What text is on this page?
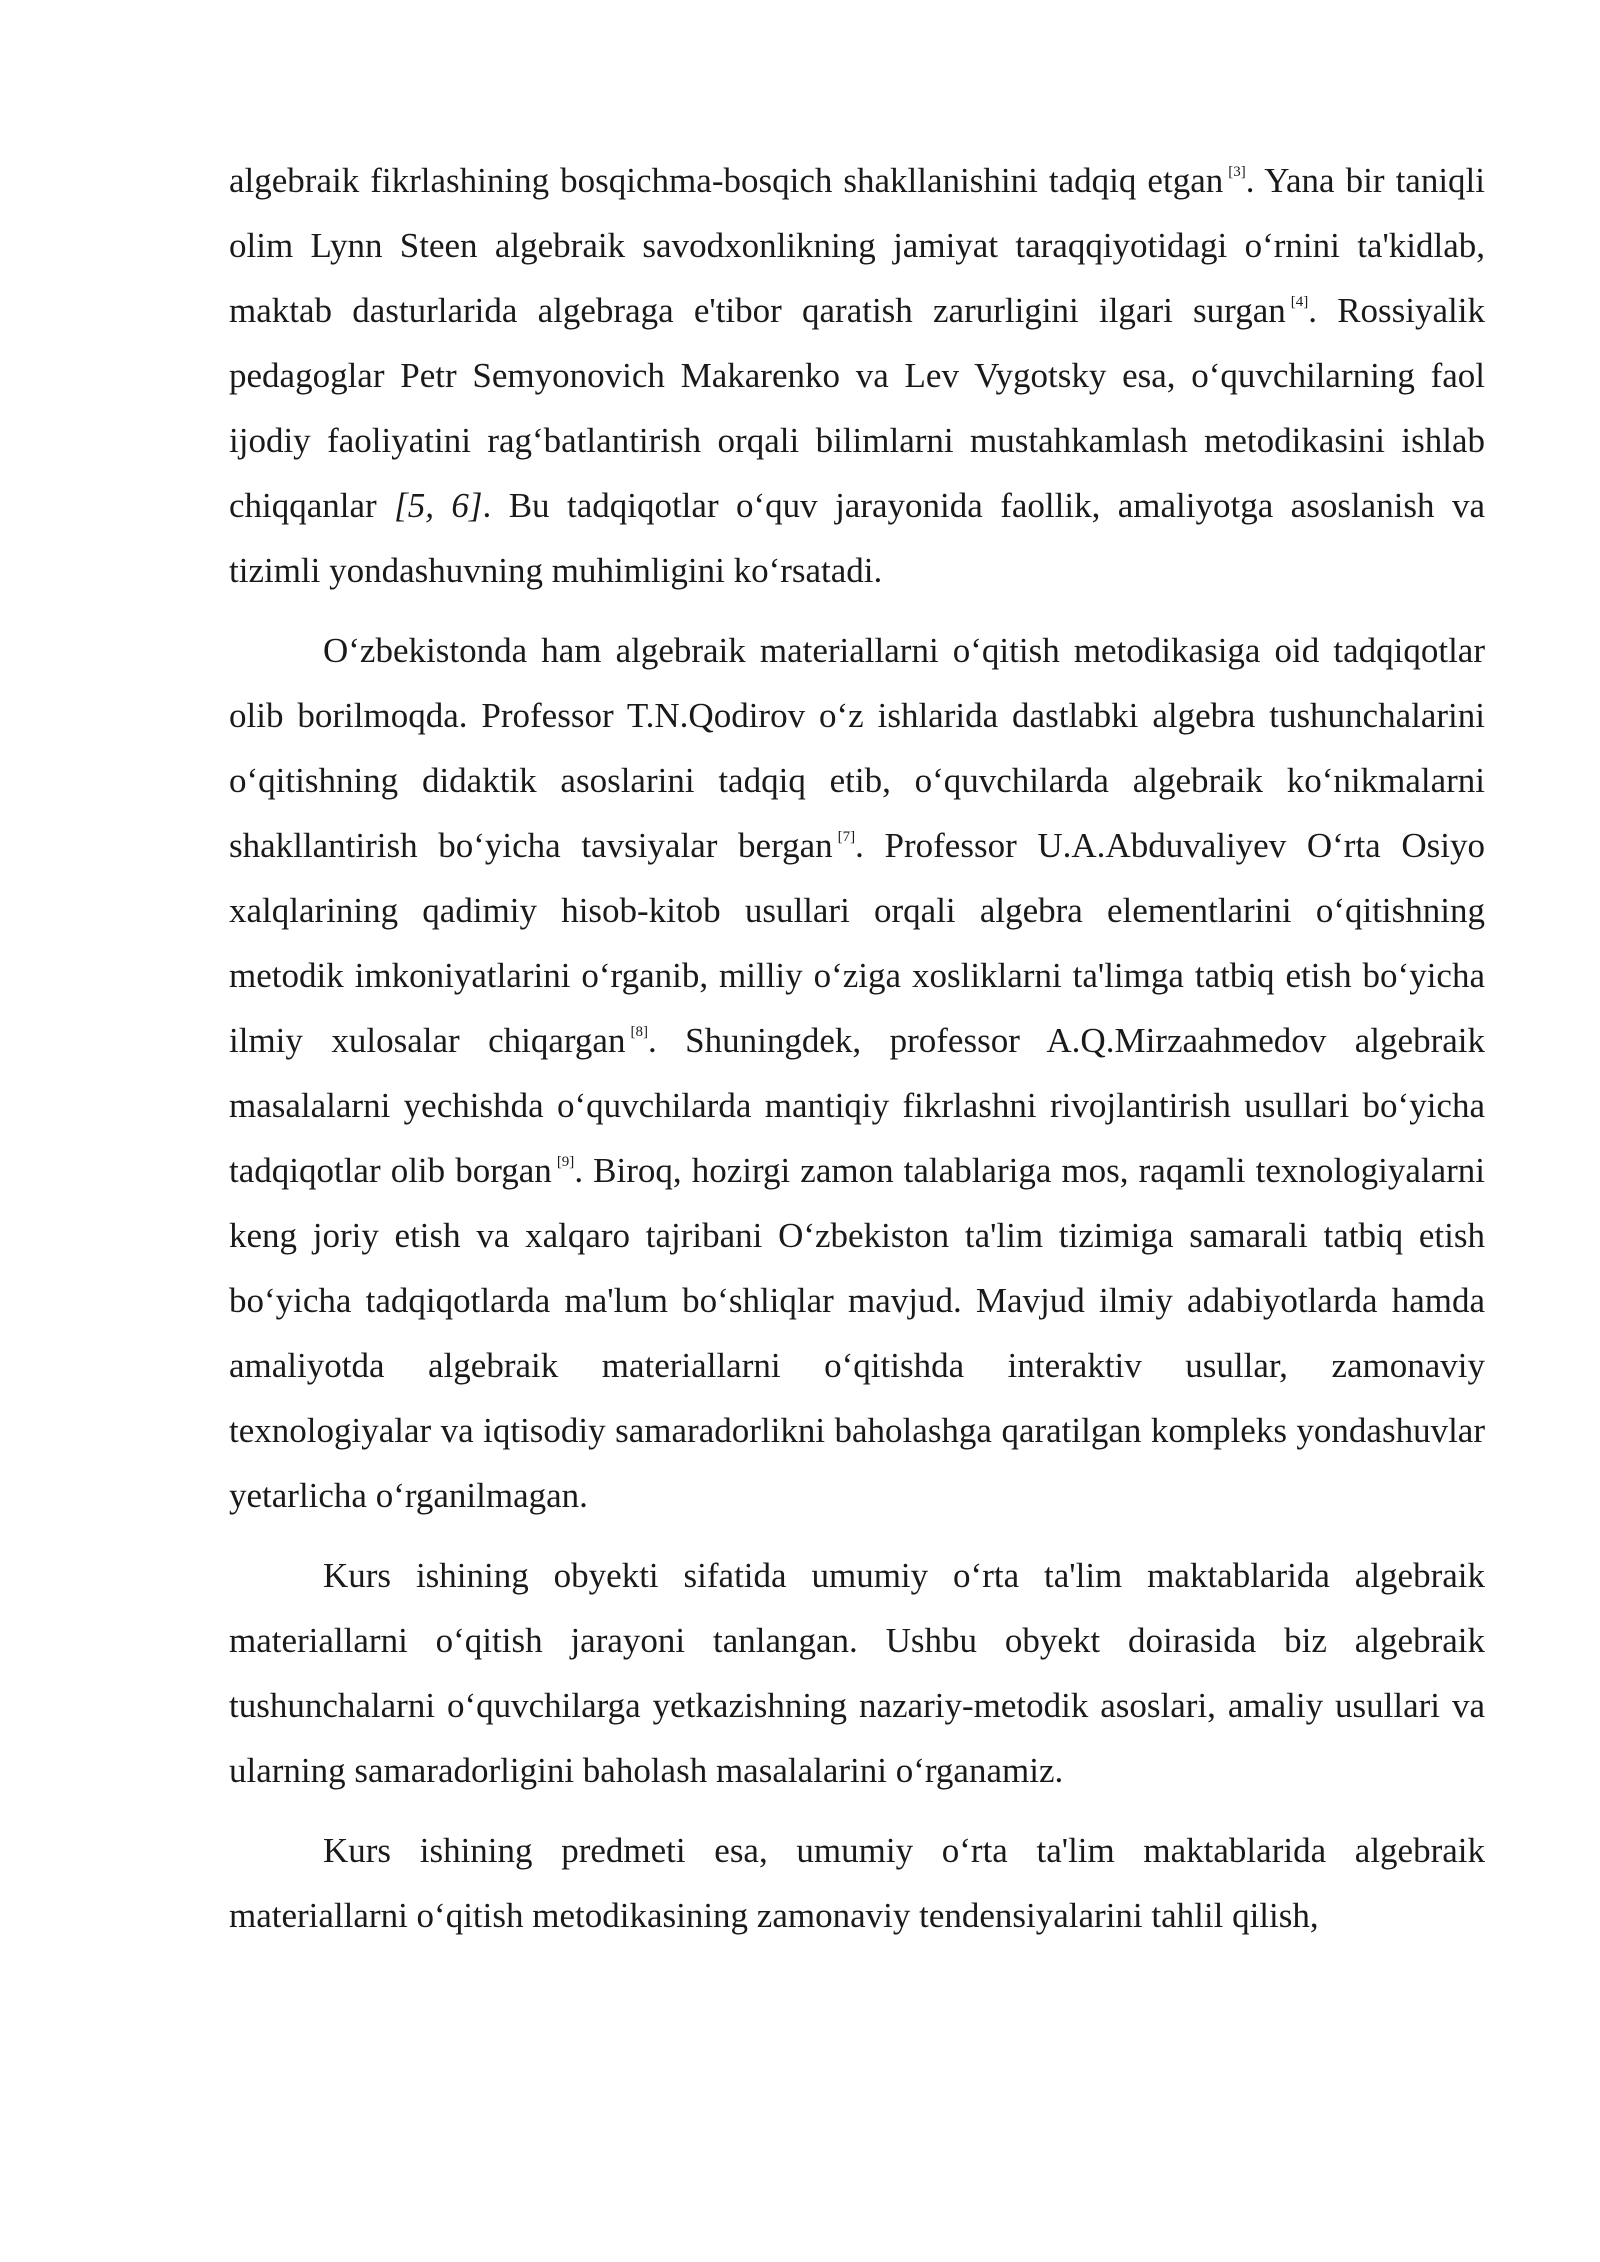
algebraik fikrlashining bosqichma-bosqich shakllanishini tadqiq etgan [3]. Yana bir taniqli olim Lynn Steen algebraik savodxonlikning jamiyat taraqqiyotidagi o‘rnini ta'kidlab, maktab dasturlarida algebraga e'tibor qaratish zarurligini ilgari surgan [4]. Rossiyalik pedagoglar Petr Semyonovich Makarenko va Lev Vygotsky esa, o‘quvchilarning faol ijodiy faoliyatini rag‘batlantirish orqali bilimlarni mustahkamlash metodikasini ishlab chiqqanlar [5, 6]. Bu tadqiqotlar o‘quv jarayonida faollik, amaliyotga asoslanish va tizimli yondashuvning muhimligini ko‘rsatadi.

O‘zbekistonda ham algebraik materiallarni o‘qitish metodikasiga oid tadqiqotlar olib borilmoqda. Professor T.N.Qodirov o‘z ishlarida dastlabki algebra tushunchalarini o‘qitishning didaktik asoslarini tadqiq etib, o‘quvchilarda algebraik ko‘nikmalarni shakllantirish bo‘yicha tavsiyalar bergan [7]. Professor U.A.Abduvaliyev O‘rta Osiyo xalqlarining qadimiy hisob-kitob usullari orqali algebra elementlarini o‘qitishning metodik imkoniyatlarini o‘rganib, milliy o‘ziga xosliklarni ta'limga tatbiq etish bo‘yicha ilmiy xulosalar chiqargan [8]. Shuningdek, professor A.Q.Mirzaahmedov algebraik masalalarni yechishda o‘quvchilarda mantiqiy fikrlashni rivojlantirish usullari bo‘yicha tadqiqotlar olib borgan [9]. Biroq, hozirgi zamon talablariga mos, raqamli texnologiyalarni keng joriy etish va xalqaro tajribani O‘zbekiston ta'lim tizimiga samarali tatbiq etish bo‘yicha tadqiqotlarda ma'lum bo‘shliqlar mavjud. Mavjud ilmiy adabiyotlarda hamda amaliyotda algebraik materiallarni o‘qitishda interaktiv usullar, zamonaviy texnologiyalar va iqtisodiy samaradorlikni baholashga qaratilgan kompleks yondashuvlar yetarlicha o‘rganilmagan.

Kurs ishining obyekti sifatida umumiy o‘rta ta'lim maktablarida algebraik materiallarni o‘qitish jarayoni tanlangan. Ushbu obyekt doirasida biz algebraik tushunchalarni o‘quvchilarga yetkazishning nazariy-metodik asoslari, amaliy usullari va ularning samaradorligini baholash masalalarini o‘rganamiz.

Kurs ishining predmeti esa, umumiy o‘rta ta'lim maktablarida algebraik materiallarni o‘qitish metodikasining zamonaviy tendensiyalarini tahlil qilish,
